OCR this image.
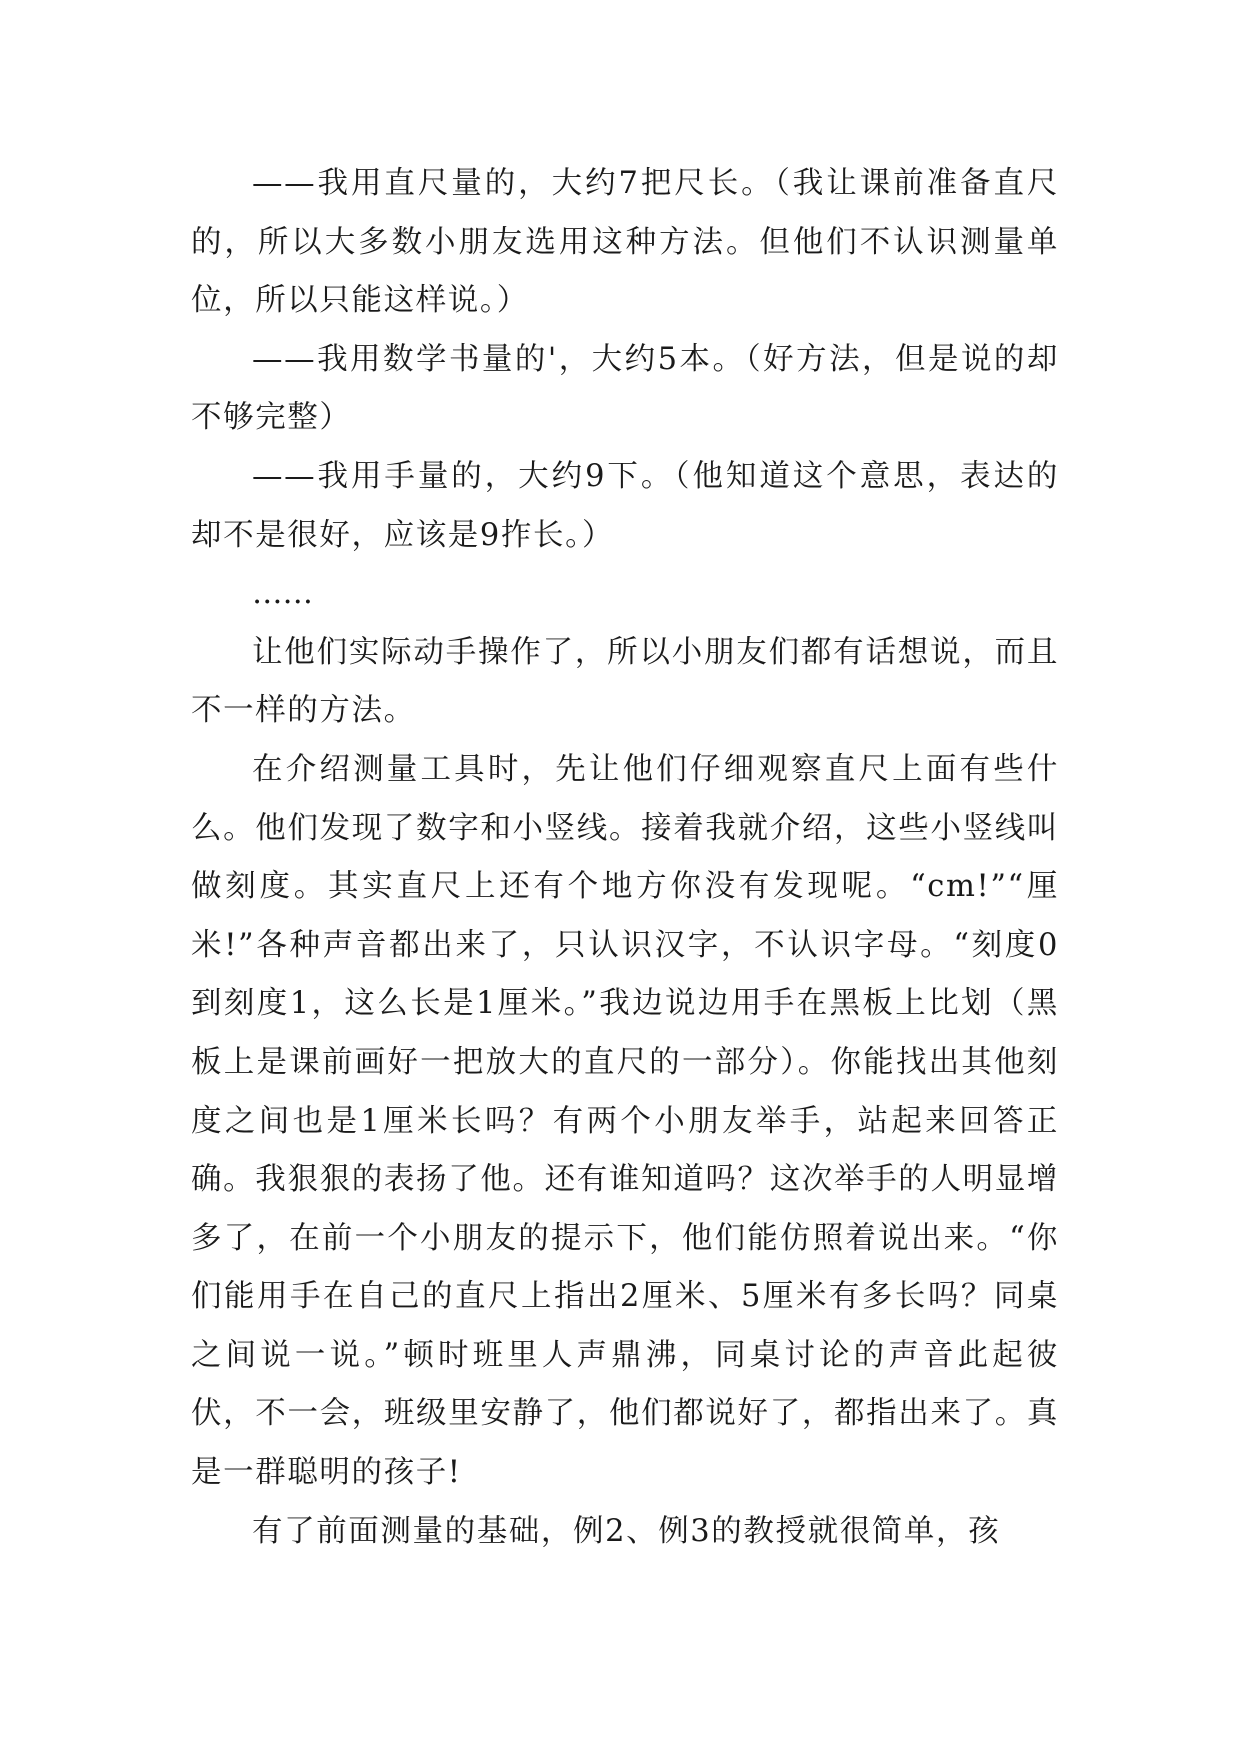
——我用直尺量的，大约7把尺长。（我让课前准备直尺的，所以大多数小朋友选用这种方法。但他们不认识测量单位，所以只能这样说。）

——我用数学书量的'，大约5本。（好方法，但是说的却不够完整）

——我用手量的，大约9下。（他知道这个意思，表达的却不是很好，应该是9拃长。）

……

让他们实际动手操作了，所以小朋友们都有话想说，而且不一样的方法。

在介绍测量工具时，先让他们仔细观察直尺上面有些什么。他们发现了数字和小竖线。接着我就介绍，这些小竖线叫做刻度。其实直尺上还有个地方你没有发现呢。“cm!”“厘米!”各种声音都出来了，只认识汉字，不认识字母。“刻度0到刻度1，这么长是1厘米。”我边说边用手在黑板上比划（黑板上是课前画好一把放大的直尺的一部分）。你能找出其他刻度之间也是1厘米长吗？有两个小朋友举手，站起来回答正确。我狠狠的表扬了他。还有谁知道吗？这次举手的人明显增多了，在前一个小朋友的提示下，他们能仿照着说出来。“你们能用手在自己的直尺上指出2厘米、5厘米有多长吗？同桌之间说一说。”顿时班里人声鼎沸，同桌讨论的声音此起彼伏，不一会，班级里安静了，他们都说好了，都指出来了。真是一群聪明的孩子!

有了前面测量的基础，例2、例3的教授就很简单，孩
